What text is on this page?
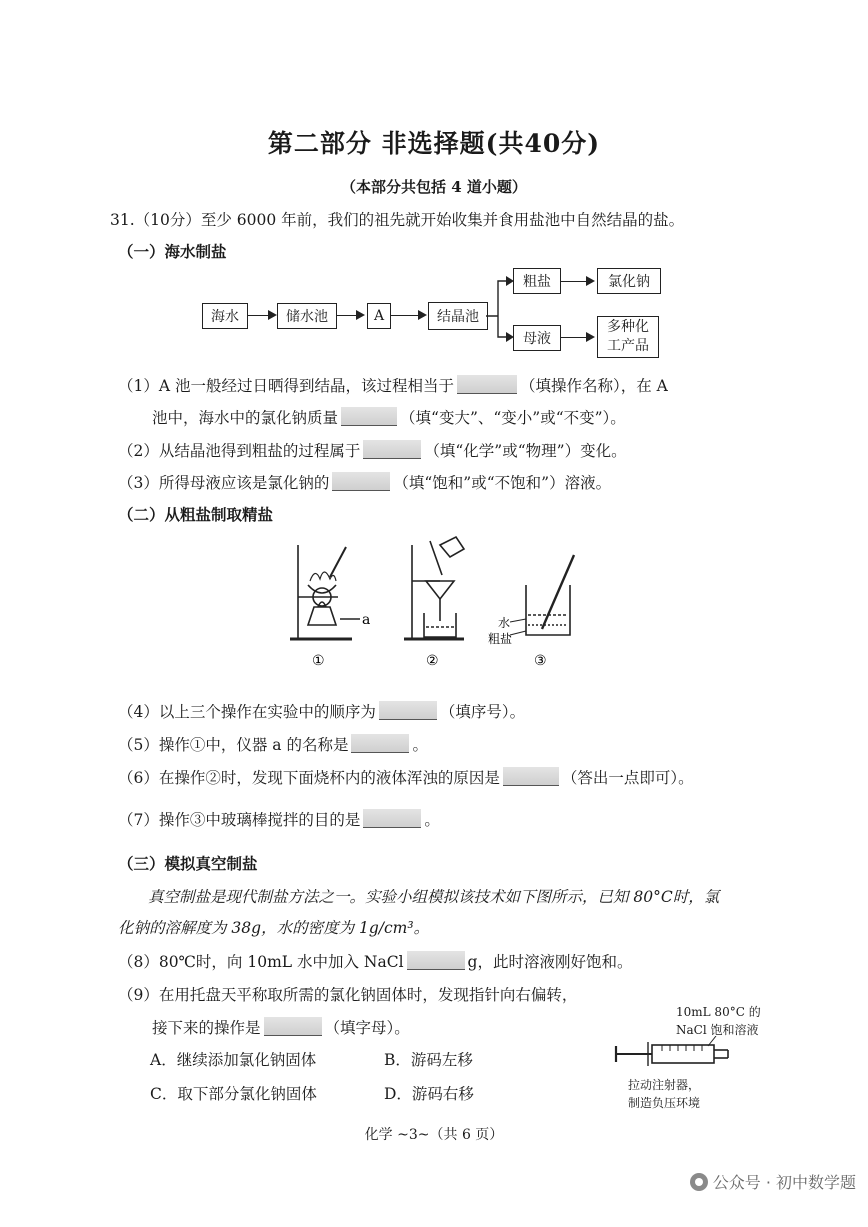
第二部分 非选择题(共40分)
（本部分共包括 4 道小题）
31.（10分）至少 6000 年前，我们的祖先就开始收集并食用盐池中自然结晶的盐。
（一）海水制盐
海水	储水池	A	结晶池
粗盐	氯化钠
母液
多种化工产品
（1）A 池一般经过日晒得到结晶，该过程相当于	（填操作名称），在 A
池中，海水中的氯化钠质量	（填“变大”、“变小”或“不变”）。
（2）从结晶池得到粗盐的过程属于	（填“化学”或“物理”）变化。
（3）所得母液应该是氯化钠的	（填“饱和”或“不饱和”）溶液。
（二）从粗盐制取精盐
a
①	②
水
粗盐
③
（4）以上三个操作在实验中的顺序为	（填序号）。
（5）操作①中，仪器 a 的名称是	。
（6）在操作②时，发现下面烧杯内的液体浑浊的原因是	（答出一点即可）。
（7）操作③中玻璃棒搅拌的目的是	。
（三）模拟真空制盐
真空制盐是现代制盐方法之一。实验小组模拟该技术如下图所示，已知 80°C时，氯
化钠的溶解度为 38g，水的密度为 1g/cm³。
（8）80℃时，向 10mL 水中加入 NaCl	g，此时溶液刚好饱和。
（9）在用托盘天平称取所需的氯化钠固体时，发现指针向右偏转，
接下来的操作是	（填字母）。
A．继续添加氯化钠固体	B．游码左移
C．取下部分氯化钠固体	D．游码右移
10mL 80°C 的
NaCl 饱和溶液
拉动注射器，
制造负压环境
化学 ~3~（共 6 页）
公众号 · 初中数学题
